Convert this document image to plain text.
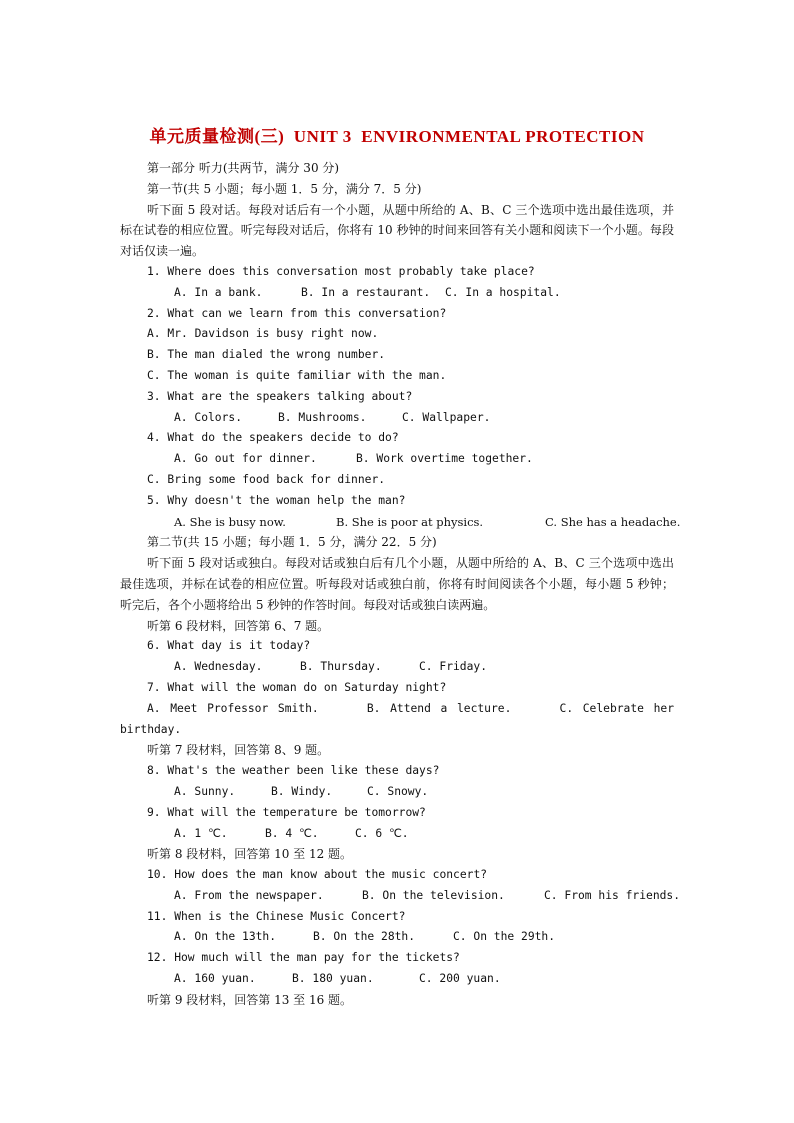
单元质量检测(三)  UNIT 3  ENVIRONMENTAL PROTECTION
第一部分 听力(共两节，满分 30 分)
第一节(共 5 小题；每小题 1．5 分，满分 7．5 分)
听下面 5 段对话。每段对话后有一个小题，从题中所给的 A、B、C 三个选项中选出最佳选项，并标在试卷的相应位置。听完每段对话后，你将有 10 秒钟的时间来回答有关小题和阅读下一个小题。每段对话仅读一遍。
1. Where does this conversation most probably take place?
A. In a bank.	B. In a restaurant. C. In a hospital.
2. What can we learn from this conversation?
A. Mr. Davidson is busy right now.
B. The man dialed the wrong number.
C. The woman is quite familiar with the man.
3. What are the speakers talking about?
A. Colors.	B. Mushrooms.	C. Wallpaper.
4. What do the speakers decide to do?
A. Go out for dinner.	B. Work overtime together.
C. Bring some food back for dinner.
5. Why doesn't the woman help the man?
A. She is busy now.	B. She is poor at physics.	C. She has a headache.
第二节(共 15 小题；每小题 1．5 分，满分 22．5 分)
听下面 5 段对话或独白。每段对话或独白后有几个小题，从题中所给的 A、B、C 三个选项中选出最佳选项，并标在试卷的相应位置。听每段对话或独白前，你将有时间阅读各个小题，每小题 5 秒钟；听完后，各个小题将给出 5 秒钟的作答时间。每段对话或独白读两遍。
听第 6 段材料，回答第 6、7 题。
6. What day is it today?
A. Wednesday.	B. Thursday.	C. Friday.
7. What will the woman do on Saturday night?
A. Meet Professor Smith.     B. Attend a lecture.     C. Celebrate her birthday.
听第 7 段材料，回答第 8、9 题。
8. What's the weather been like these days?
A. Sunny.	B. Windy.	C. Snowy.
9. What will the temperature be tomorrow?
A. 1 ℃.	B. 4 ℃.	C. 6 ℃.
听第 8 段材料，回答第 10 至 12 题。
10. How does the man know about the music concert?
A. From the newspaper.	B. On the television.	C. From his friends.
11. When is the Chinese Music Concert?
A. On the 13th.	B. On the 28th.	C. On the 29th.
12. How much will the man pay for the tickets?
A. 160 yuan.	B. 180 yuan.	C. 200 yuan.
听第 9 段材料，回答第 13 至 16 题。
